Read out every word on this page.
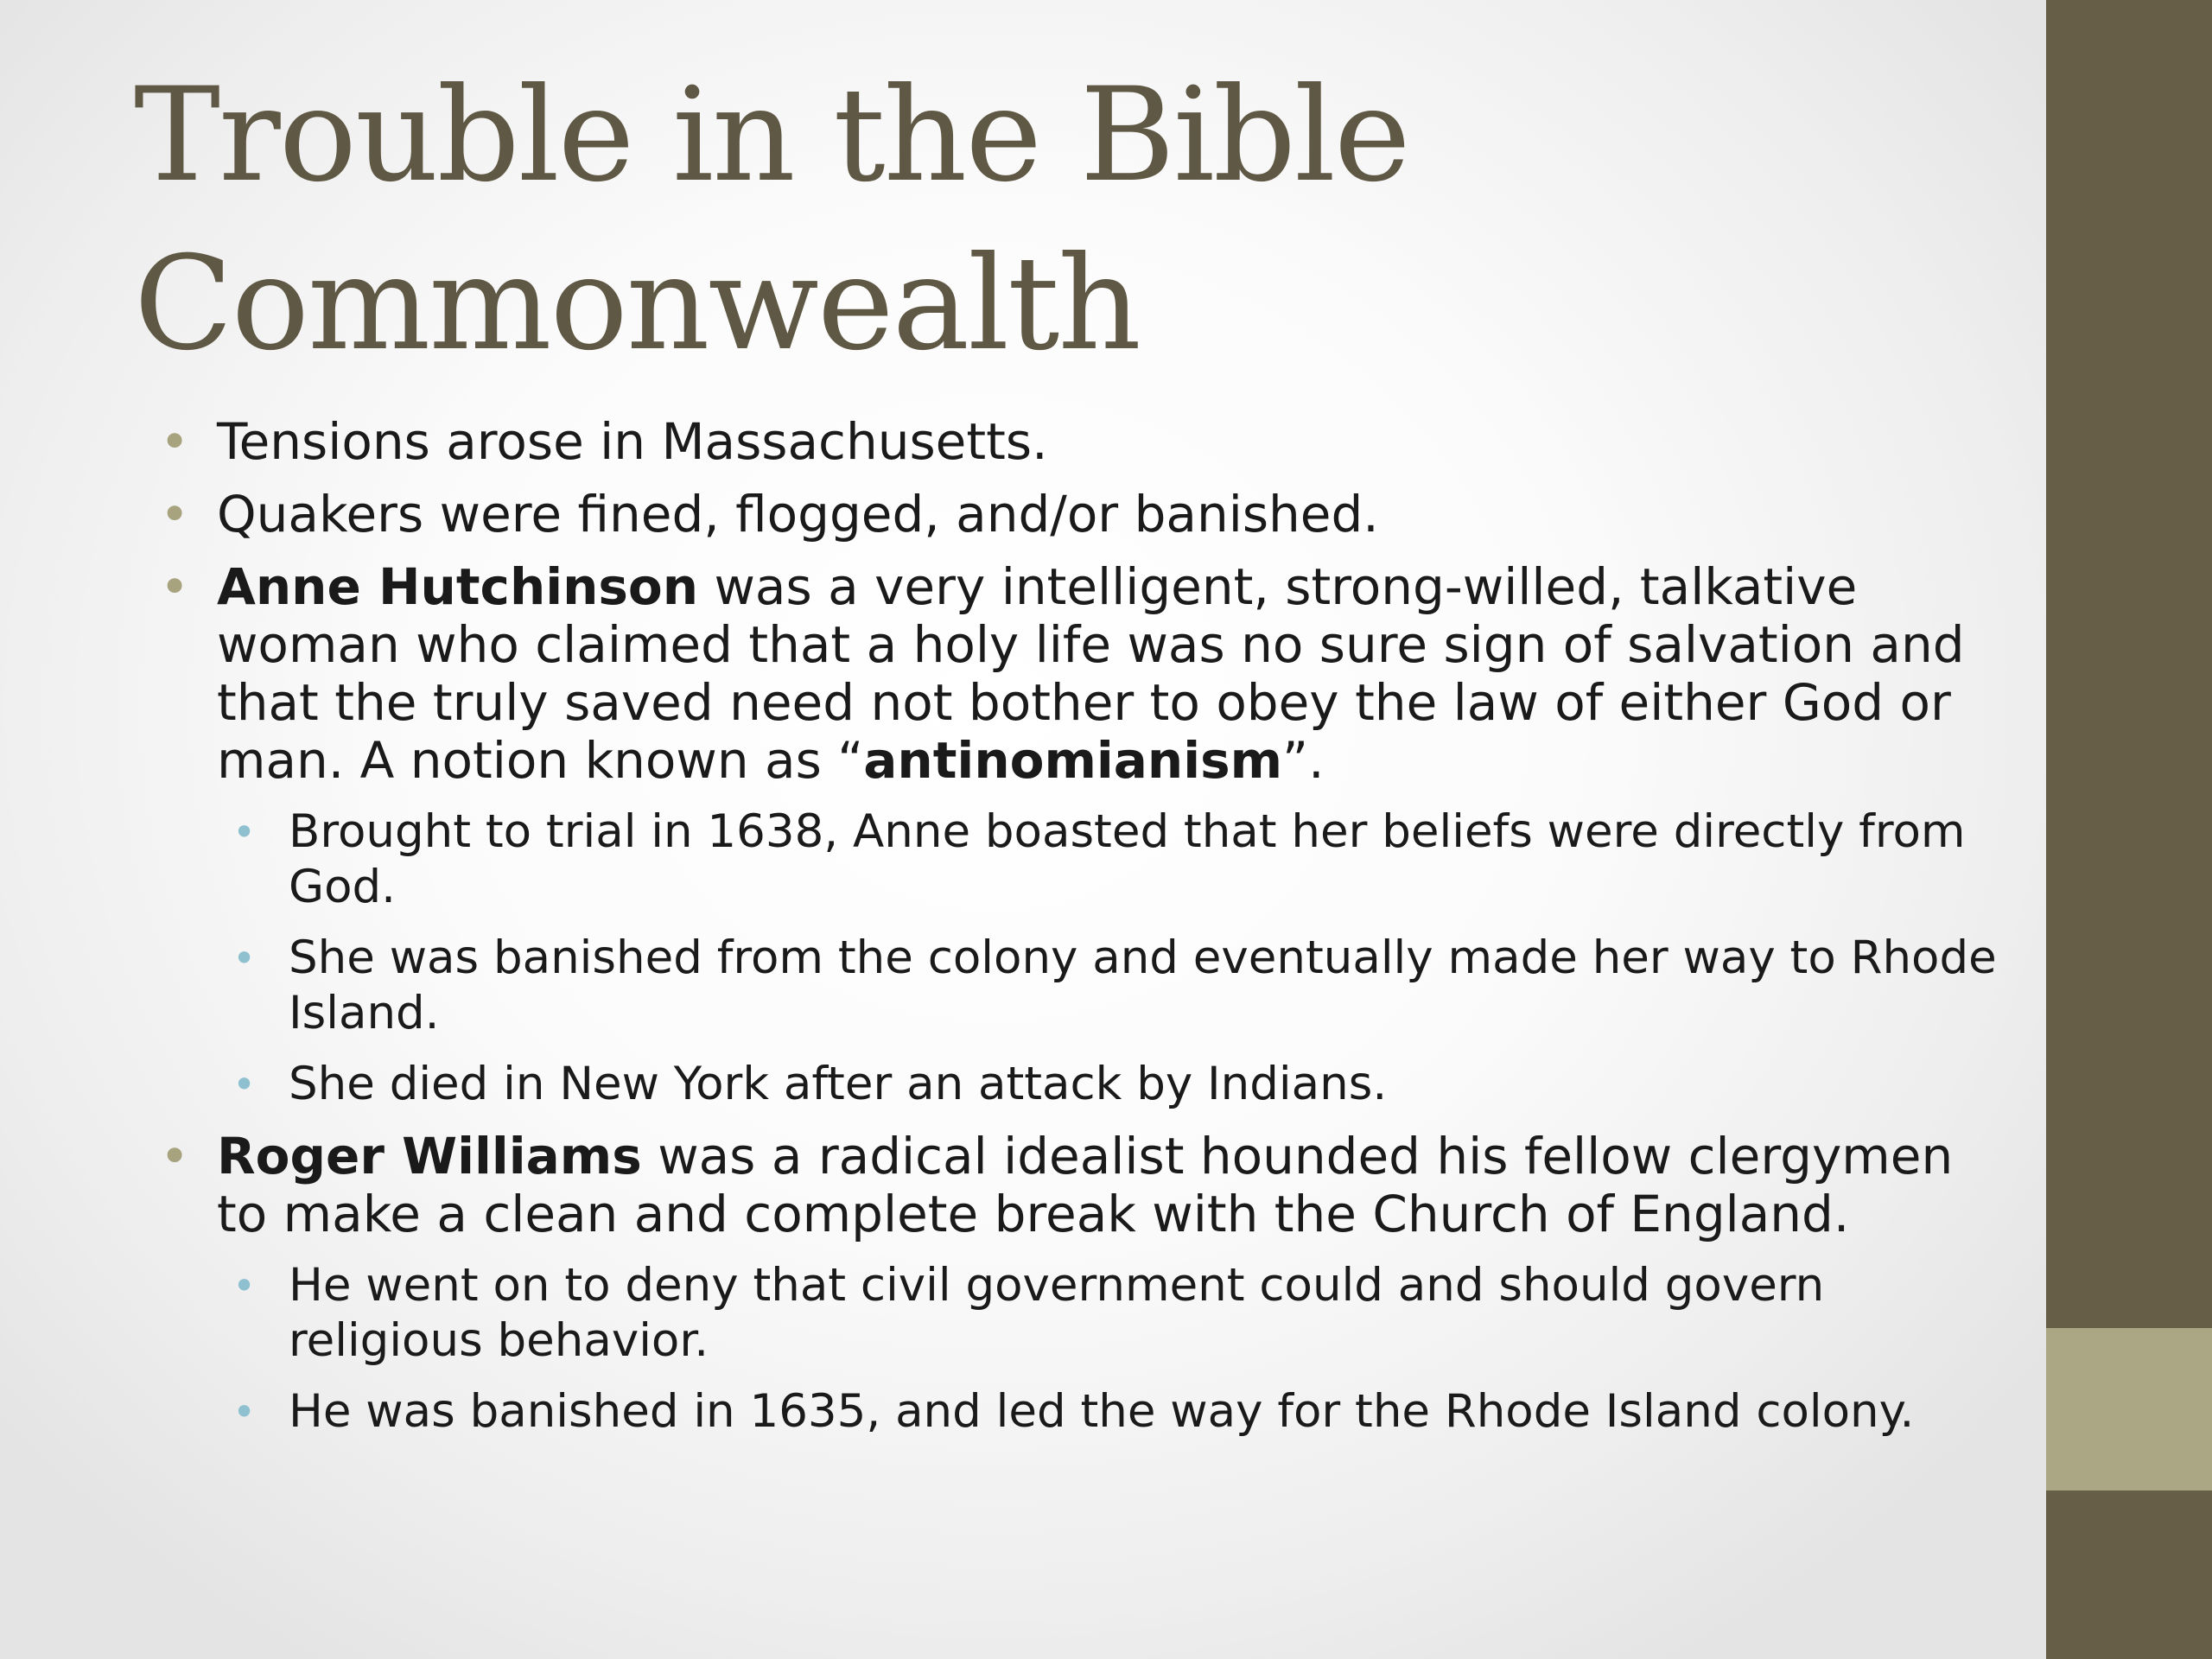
Trouble in the Bible
Commonwealth
• Tensions arose in Massachusetts.
• Quakers were fined, flogged, and/or banished.
• Anne Hutchinson was a very intelligent, strong-willed, talkative woman who claimed that a holy life was no sure sign of salvation and that the truly saved need not bother to obey the law of either God or man. A notion known as “antinomianism”.
• Brought to trial in 1638, Anne boasted that her beliefs were directly from God.
• She was banished from the colony and eventually made her way to Rhode Island.
• She died in New York after an attack by Indians.
• Roger Williams was a radical idealist hounded his fellow clergymen to make a clean and complete break with the Church of England.
• He went on to deny that civil government could and should govern religious behavior.
• He was banished in 1635, and led the way for the Rhode Island colony.
